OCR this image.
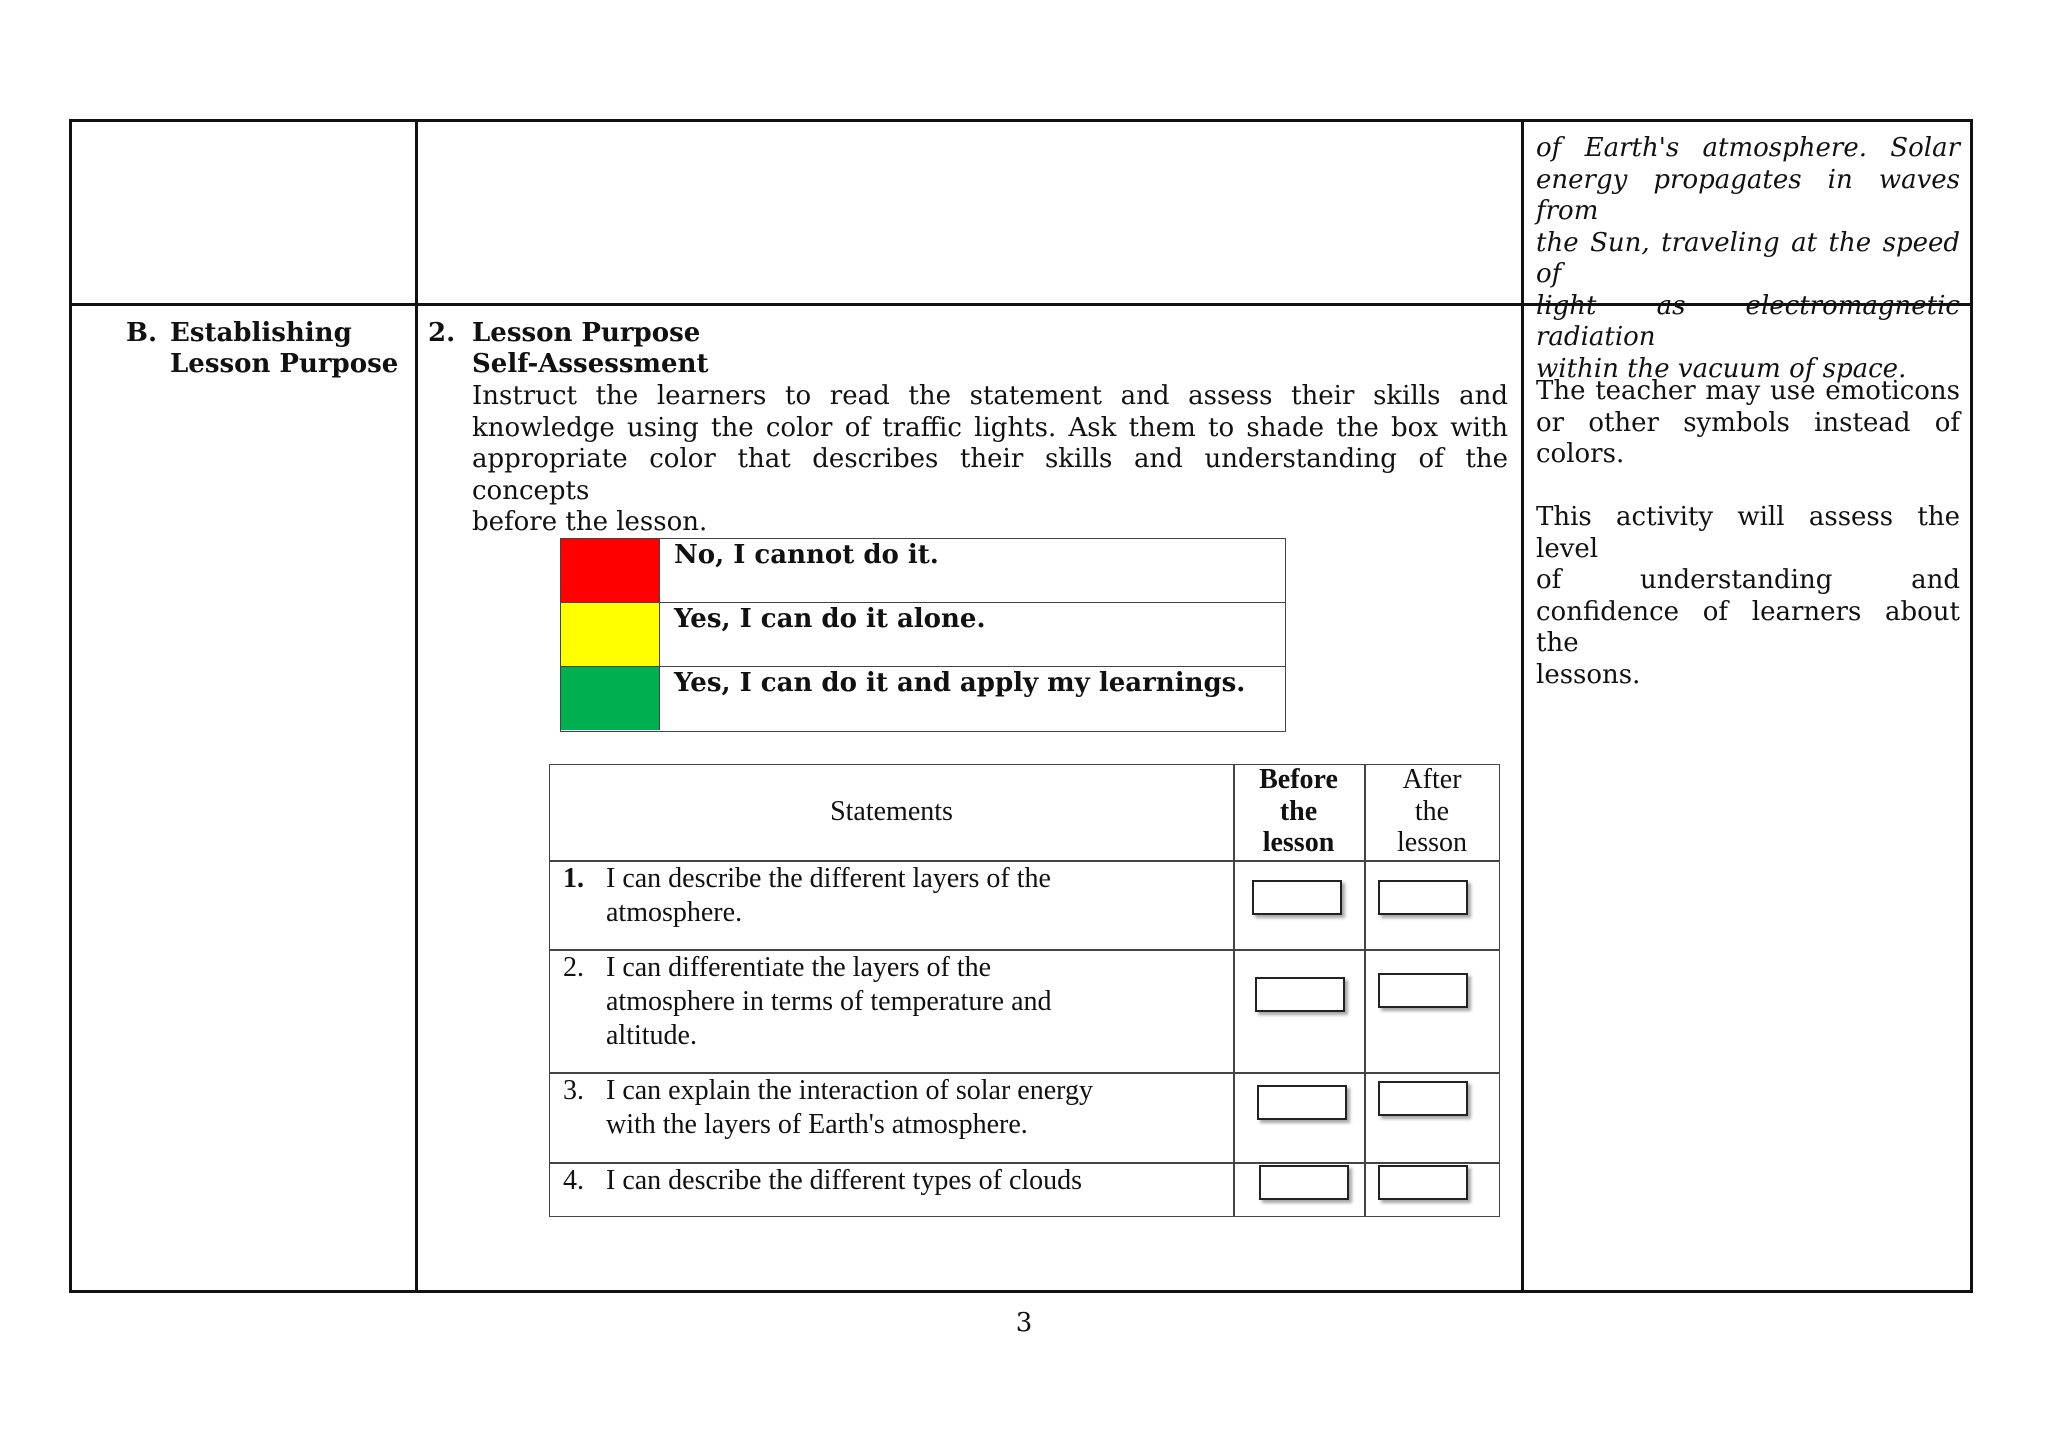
of Earth's atmosphere. Solar
energy propagates in waves from
the Sun, traveling at the speed of
light as electromagnetic radiation
within the vacuum of space.
B. Establishing
Lesson Purpose
2. Lesson Purpose
Self-Assessment
Instruct the learners to read the statement and assess their skills and
knowledge using the color of traffic lights. Ask them to shade the box with
appropriate color that describes their skills and understanding of the concepts
before the lesson.
No, I cannot do it.
Yes, I can do it alone.
Yes, I can do it and apply my learnings.
Statements
Before
the
lesson
After
the
lesson
1. I can describe the different layers of the
atmosphere.
2. I can differentiate the layers of the
atmosphere in terms of temperature and
altitude.
3. I can explain the interaction of solar energy
with the layers of Earth's atmosphere.
4. I can describe the different types of clouds
The teacher may use emoticons
or other symbols instead of
colors.
This activity will assess the level
of understanding and
confidence of learners about the
lessons.
3
